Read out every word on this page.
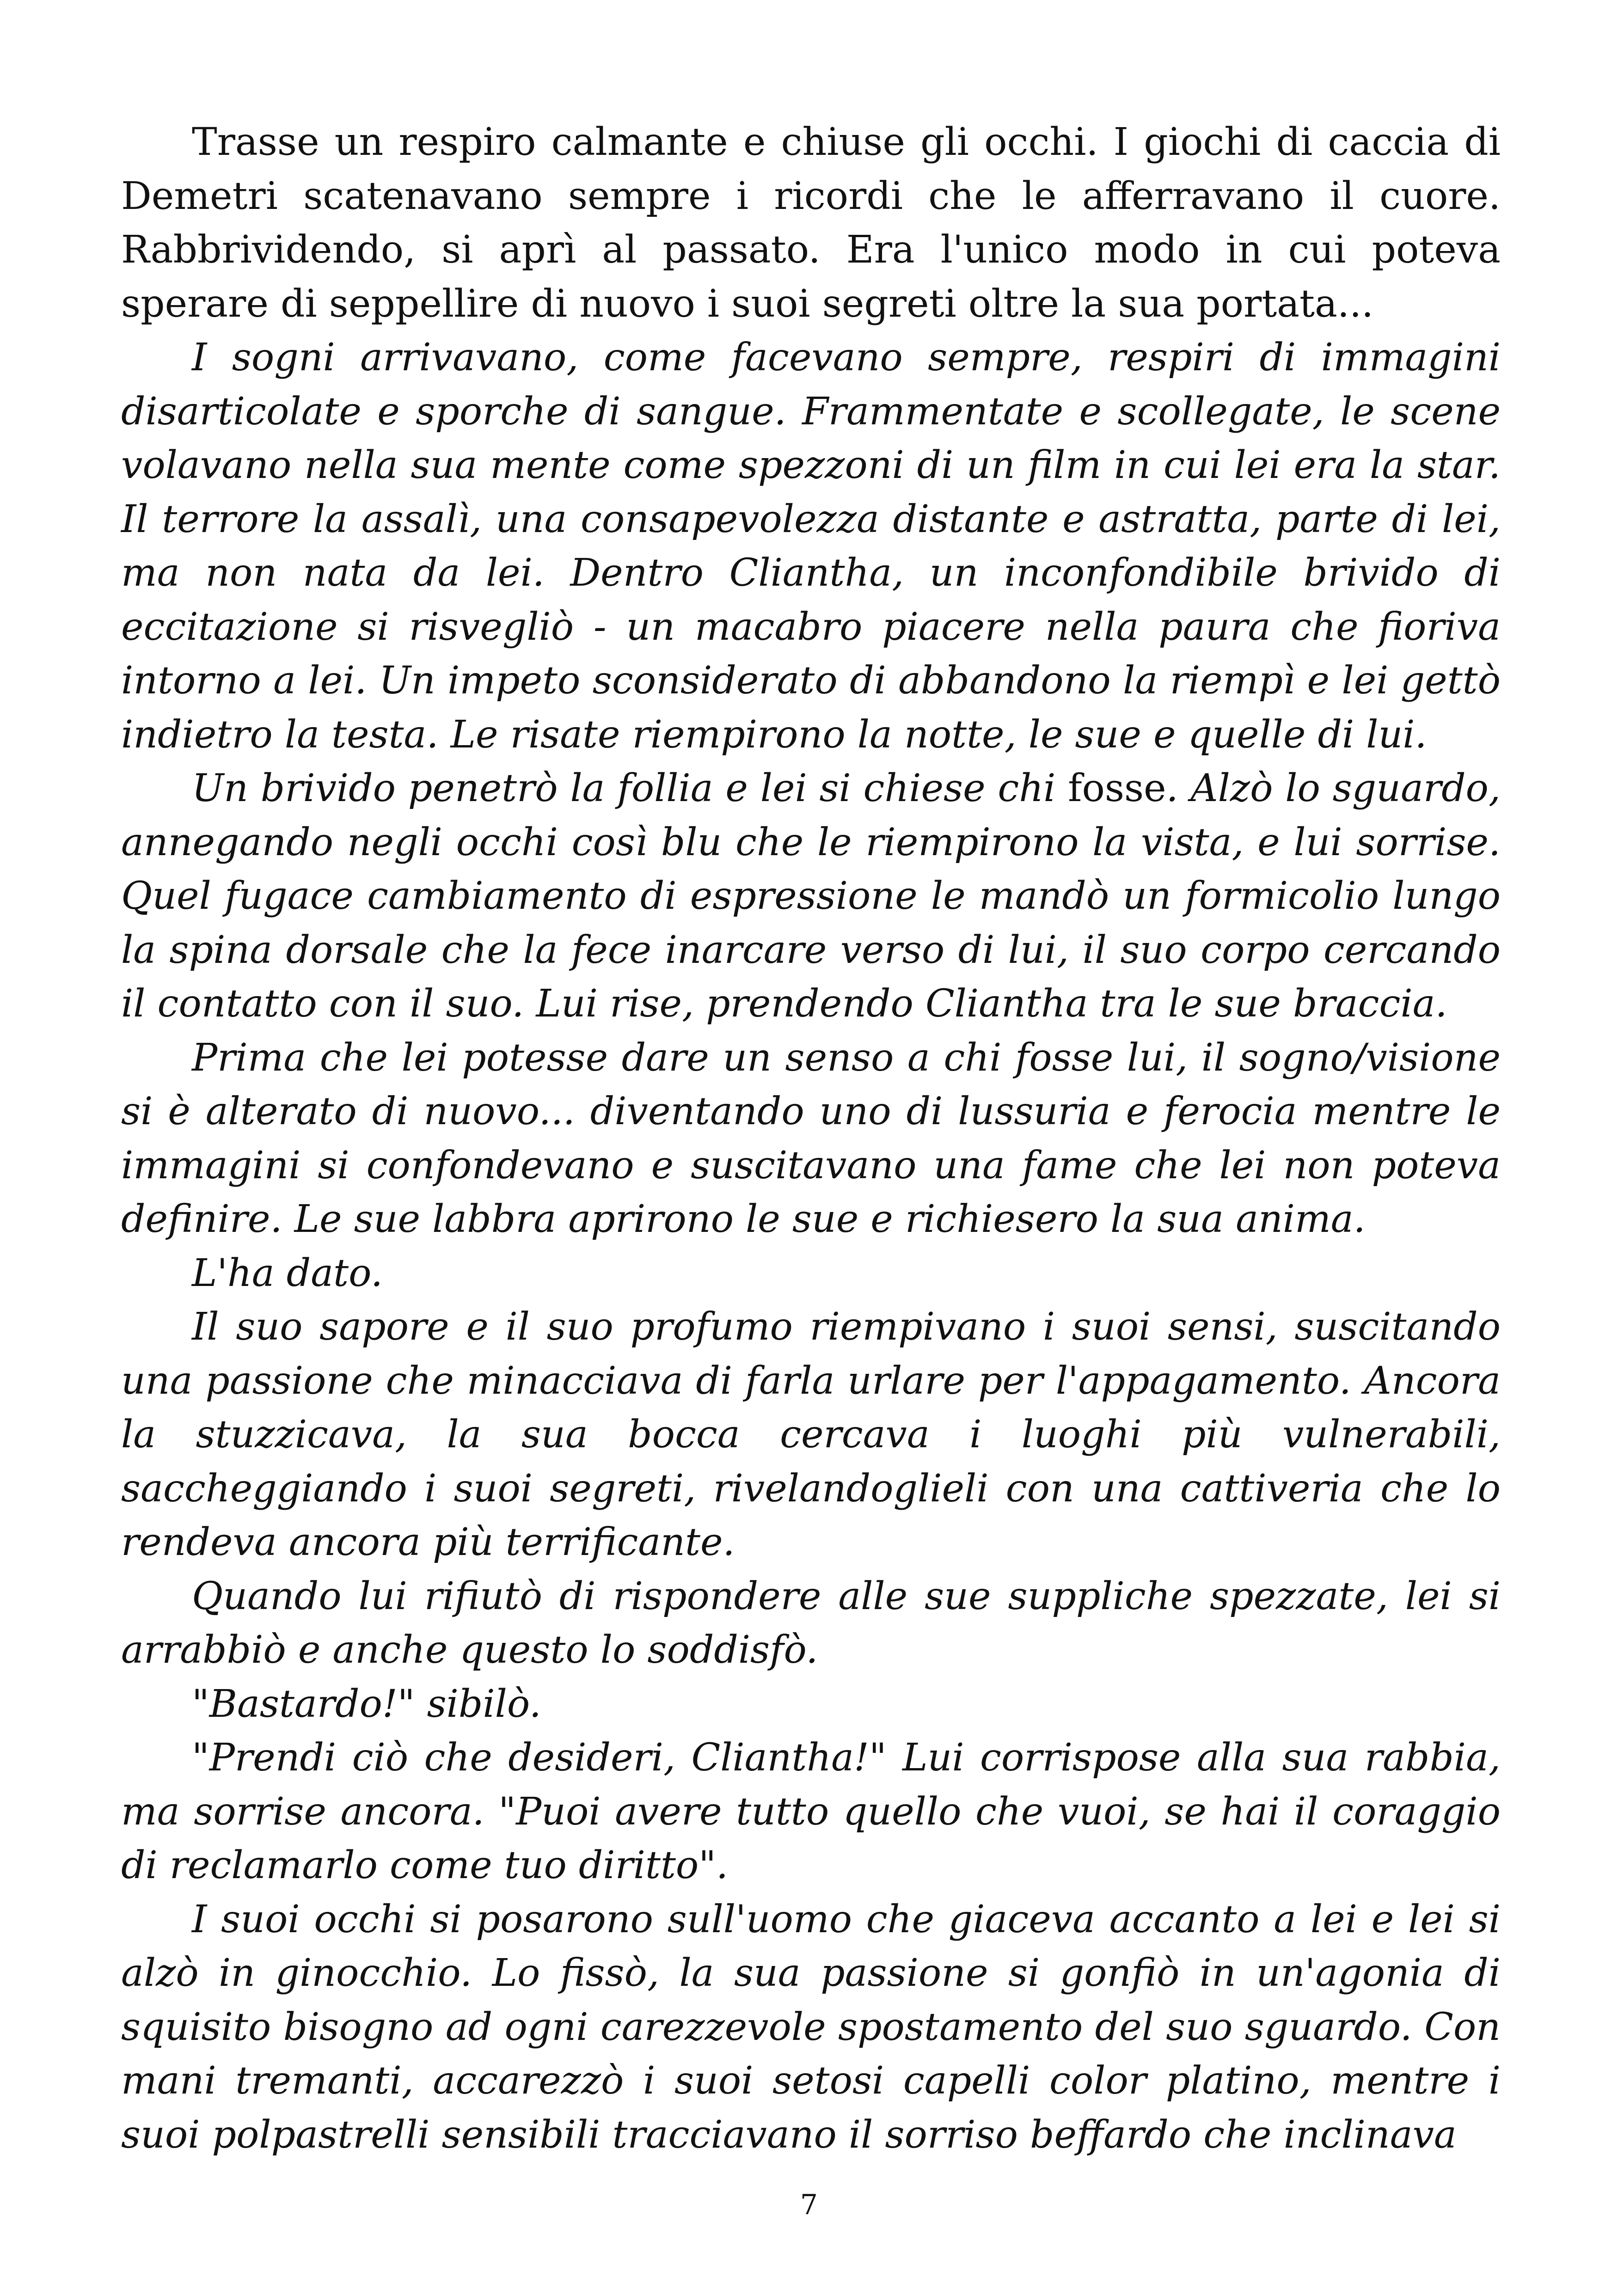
Trasse un respiro calmante e chiuse gli occhi. I giochi di caccia di Demetri scatenavano sempre i ricordi che le afferravano il cuore. Rabbrividendo, si aprì al passato. Era l'unico modo in cui poteva sperare di seppellire di nuovo i suoi segreti oltre la sua portata...

I sogni arrivavano, come facevano sempre, respiri di immagini disarticolate e sporche di sangue. Frammentate e scollegate, le scene volavano nella sua mente come spezzoni di un film in cui lei era la star. Il terrore la assalì, una consapevolezza distante e astratta, parte di lei, ma non nata da lei. Dentro Cliantha, un inconfondibile brivido di eccitazione si risvegliò - un macabro piacere nella paura che fioriva intorno a lei. Un impeto sconsiderato di abbandono la riempì e lei gettò indietro la testa. Le risate riempirono la notte, le sue e quelle di lui.

Un brivido penetrò la follia e lei si chiese chi fosse. Alzò lo sguardo, annegando negli occhi così blu che le riempirono la vista, e lui sorrise. Quel fugace cambiamento di espressione le mandò un formicolio lungo la spina dorsale che la fece inarcare verso di lui, il suo corpo cercando il contatto con il suo. Lui rise, prendendo Cliantha tra le sue braccia.

Prima che lei potesse dare un senso a chi fosse lui, il sogno/visione si è alterato di nuovo... diventando uno di lussuria e ferocia mentre le immagini si confondevano e suscitavano una fame che lei non poteva definire. Le sue labbra aprirono le sue e richiesero la sua anima.

L'ha dato.

Il suo sapore e il suo profumo riempivano i suoi sensi, suscitando una passione che minacciava di farla urlare per l'appagamento. Ancora la stuzzicava, la sua bocca cercava i luoghi più vulnerabili, saccheggiando i suoi segreti, rivelandoglieli con una cattiveria che lo rendeva ancora più terrificante.

Quando lui rifiutò di rispondere alle sue suppliche spezzate, lei si arrabbiò e anche questo lo soddisfò.

"Bastardo!" sibilò.

"Prendi ciò che desideri, Cliantha!" Lui corrispose alla sua rabbia, ma sorrise ancora. "Puoi avere tutto quello che vuoi, se hai il coraggio di reclamarlo come tuo diritto".

I suoi occhi si posarono sull'uomo che giaceva accanto a lei e lei si alzò in ginocchio. Lo fissò, la sua passione si gonfiò in un'agonia di squisito bisogno ad ogni carezzevole spostamento del suo sguardo. Con mani tremanti, accarezzò i suoi setosi capelli color platino, mentre i suoi polpastrelli sensibili tracciavano il sorriso beffardo che inclinava

7
